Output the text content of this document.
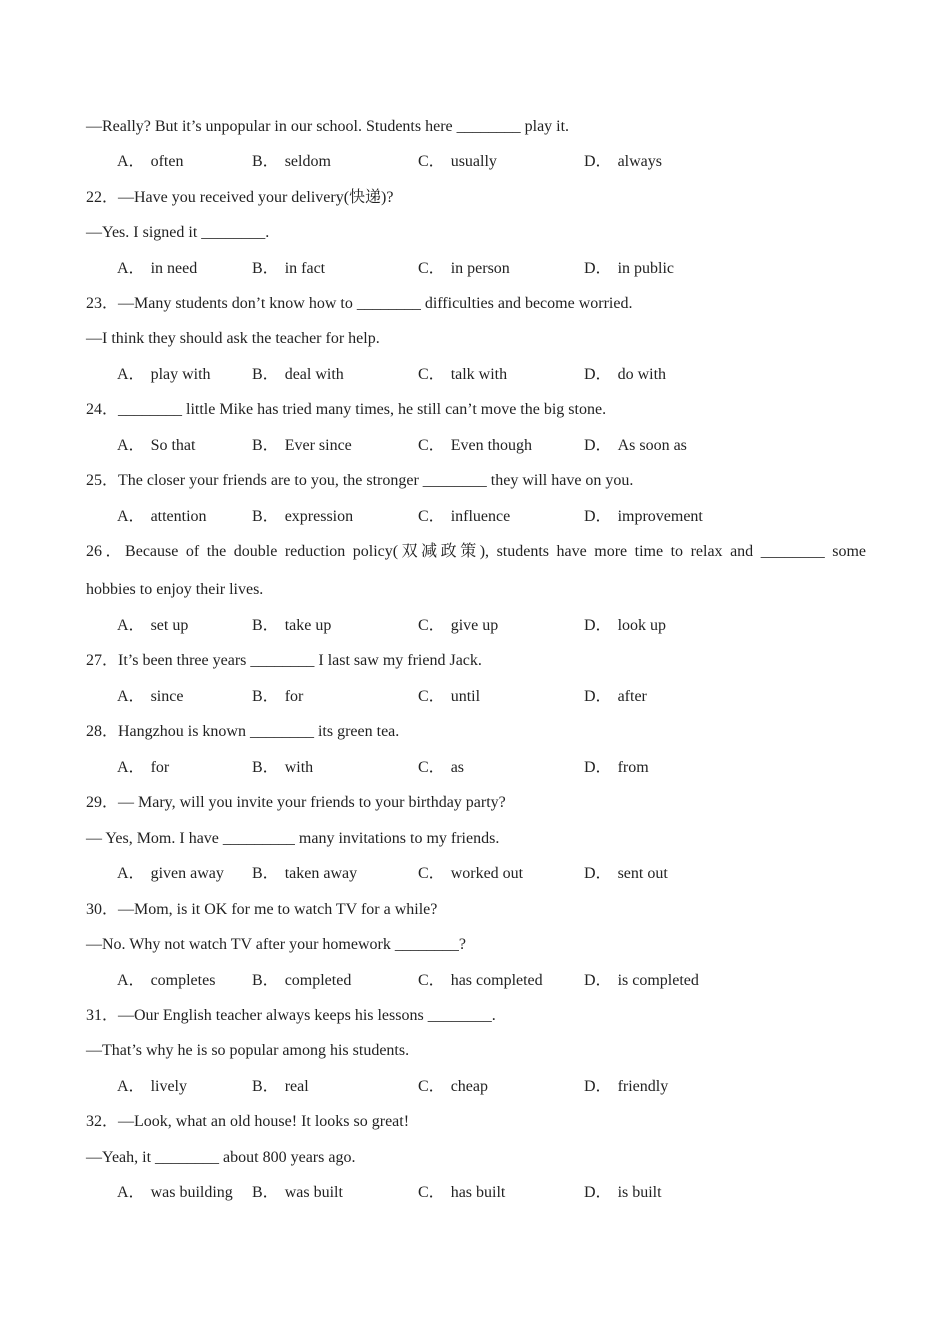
—Really? But it’s unpopular in our school. Students here ________ play it.
A． often	B． seldom	C． usually	D． always
22．—Have you received your delivery(快递)?
—Yes. I signed it ________.
A． in need	B． in fact	C． in person	D． in public
23．—Many students don’t know how to ________ difficulties and become worried.
—I think they should ask the teacher for help.
A． play with	B． deal with	C． talk with	D． do with
24．________ little Mike has tried many times, he still can’t move the big stone.
A． So that	B． Ever since	C． Even though	D． As soon as
25．The closer your friends are to you, the stronger ________ they will have on you.
A． attention	B． expression	C． influence	D． improvement
26．Because of the double reduction policy(双减政策), students have more time to relax and ________ some
hobbies to enjoy their lives.
A． set up	B． take up	C． give up	D． look up
27．It’s been three years ________ I last saw my friend Jack.
A． since	B． for	C． until	D． after
28．Hangzhou is known ________ its green tea.
A． for	B． with	C． as	D． from
29．— Mary, will you invite your friends to your birthday party?
— Yes, Mom. I have _________ many invitations to my friends.
A． given away B． taken away	C． worked out	D． sent out
30．—Mom, is it OK for me to watch TV for a while?
—No. Why not watch TV after your homework ________?
A． completes B． completed	C． has completed	D． is completed
31．—Our English teacher always keeps his lessons ________.
—That’s why he is so popular among his students.
A． lively	B． real	C． cheap	D． friendly
32．—Look, what an old house! It looks so great!
—Yeah, it ________ about 800 years ago.
A． was building B． was built	C． has built	D． is built
